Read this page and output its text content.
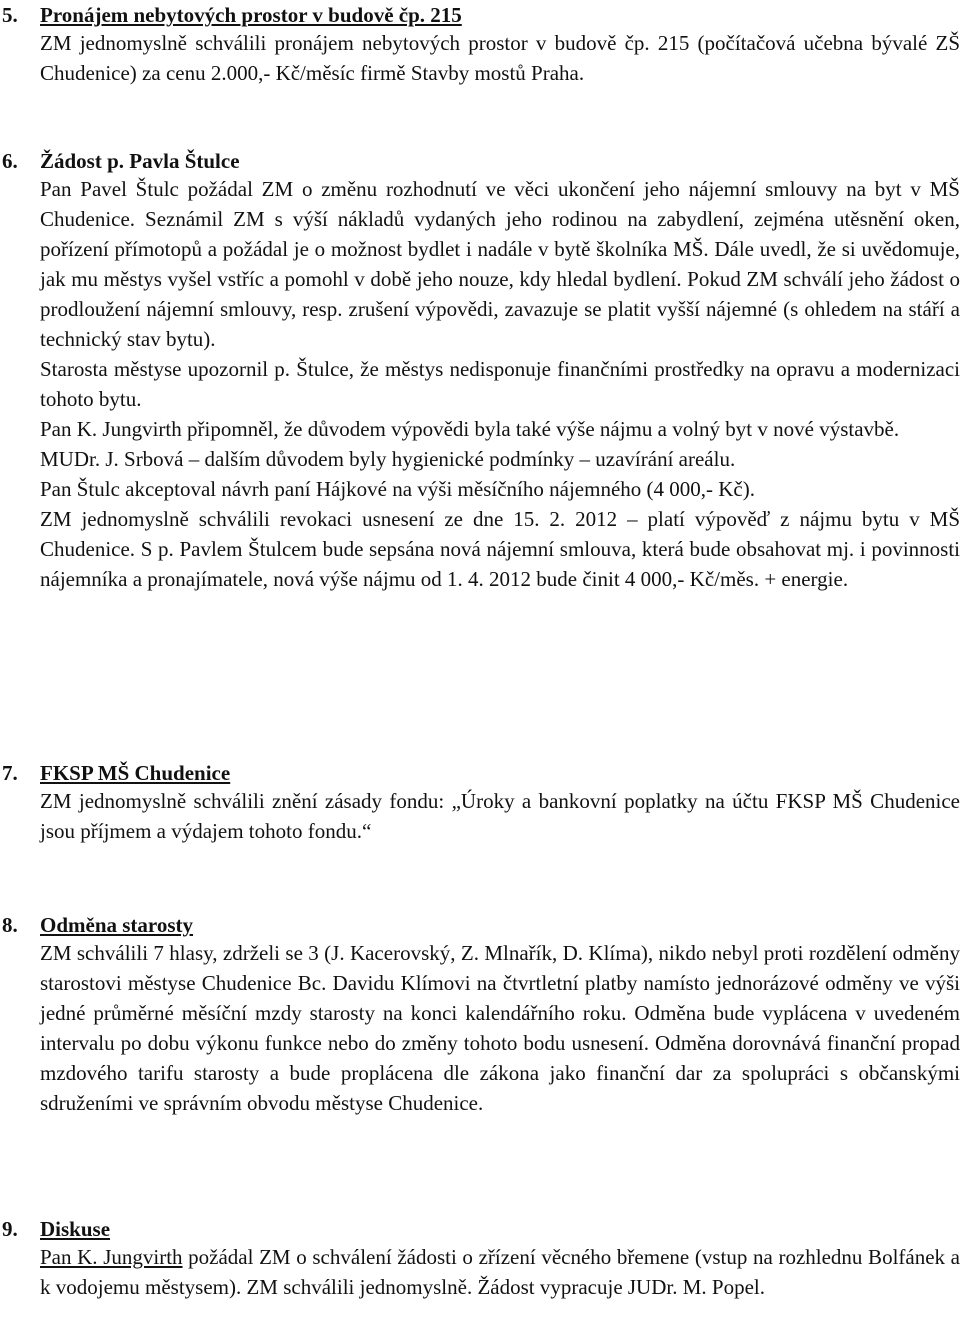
5. Pronájem nebytových prostor v budově čp. 215

ZM jednomyslně schválili pronájem nebytových prostor v budově čp. 215 (počítačová učebna bývalé ZŠ Chudenice) za cenu 2.000,- Kč/měsíc firmě Stavby mostů Praha.

6. Žádost p. Pavla Štulce

Pan Pavel Štulc požádal ZM o změnu rozhodnutí ve věci ukončení jeho nájemní smlouvy na byt v MŠ Chudenice. Seznámil ZM s výší nákladů vydaných jeho rodinou na zabydlení, zejména utěsnění oken, pořízení přímotopů a požádal je o možnost bydlet i nadále v bytě školníka MŠ. Dále uvedl, že si uvědomuje, jak mu městys vyšel vstříc a pomohl v době jeho nouze, kdy hledal bydlení. Pokud ZM schválí jeho žádost o prodloužení nájemní smlouvy, resp. zrušení výpovědi, zavazuje se platit vyšší nájemné (s ohledem na stáří a technický stav bytu).

Starosta městyse upozornil p. Štulce, že městys nedisponuje finančními prostředky na opravu a modernizaci tohoto bytu.

Pan K. Jungvirth připomněl, že důvodem výpovědi byla také výše nájmu a volný byt v nové výstavbě.

MUDr. J. Srbová – dalším důvodem byly hygienické podmínky – uzavírání areálu.

Pan Štulc akceptoval návrh paní Hájkové na výši měsíčního nájemného (4 000,- Kč).

ZM jednomyslně schválili revokaci usnesení ze dne 15. 2. 2012 – platí výpověď z nájmu bytu v MŠ Chudenice. S p. Pavlem Štulcem bude sepsána nová nájemní smlouva, která bude obsahovat mj. i povinnosti nájemníka a pronajímatele, nová výše nájmu od 1. 4. 2012 bude činit 4 000,- Kč/měs. + energie.

7. FKSP MŠ Chudenice

ZM jednomyslně schválili znění zásady fondu: „Úroky a bankovní poplatky na účtu FKSP MŠ Chudenice jsou příjmem a výdajem tohoto fondu.“

8. Odměna starosty

ZM schválili 7 hlasy, zdrželi se 3 (J. Kacerovský, Z. Mlnařík, D. Klíma), nikdo nebyl proti rozdělení odměny starostovi městyse Chudenice Bc. Davidu Klímovi na čtvrtletní platby namísto jednorázové odměny ve výši jedné průměrné měsíční mzdy starosty na konci kalendářního roku. Odměna bude vyplácena v uvedeném intervalu po dobu výkonu funkce nebo do změny tohoto bodu usnesení. Odměna dorovnává finanční propad mzdového tarifu starosty a bude proplácena dle zákona jako finanční dar za spolupráci s občanskými sdruženími ve správním obvodu městyse Chudenice.

9. Diskuse

Pan K. Jungvirth požádal ZM o schválení žádosti o zřízení věcného břemene (vstup na rozhlednu Bolfánek a k vodojemu městysem). ZM schválili jednomyslně. Žádost vypracuje JUDr. M. Popel.
